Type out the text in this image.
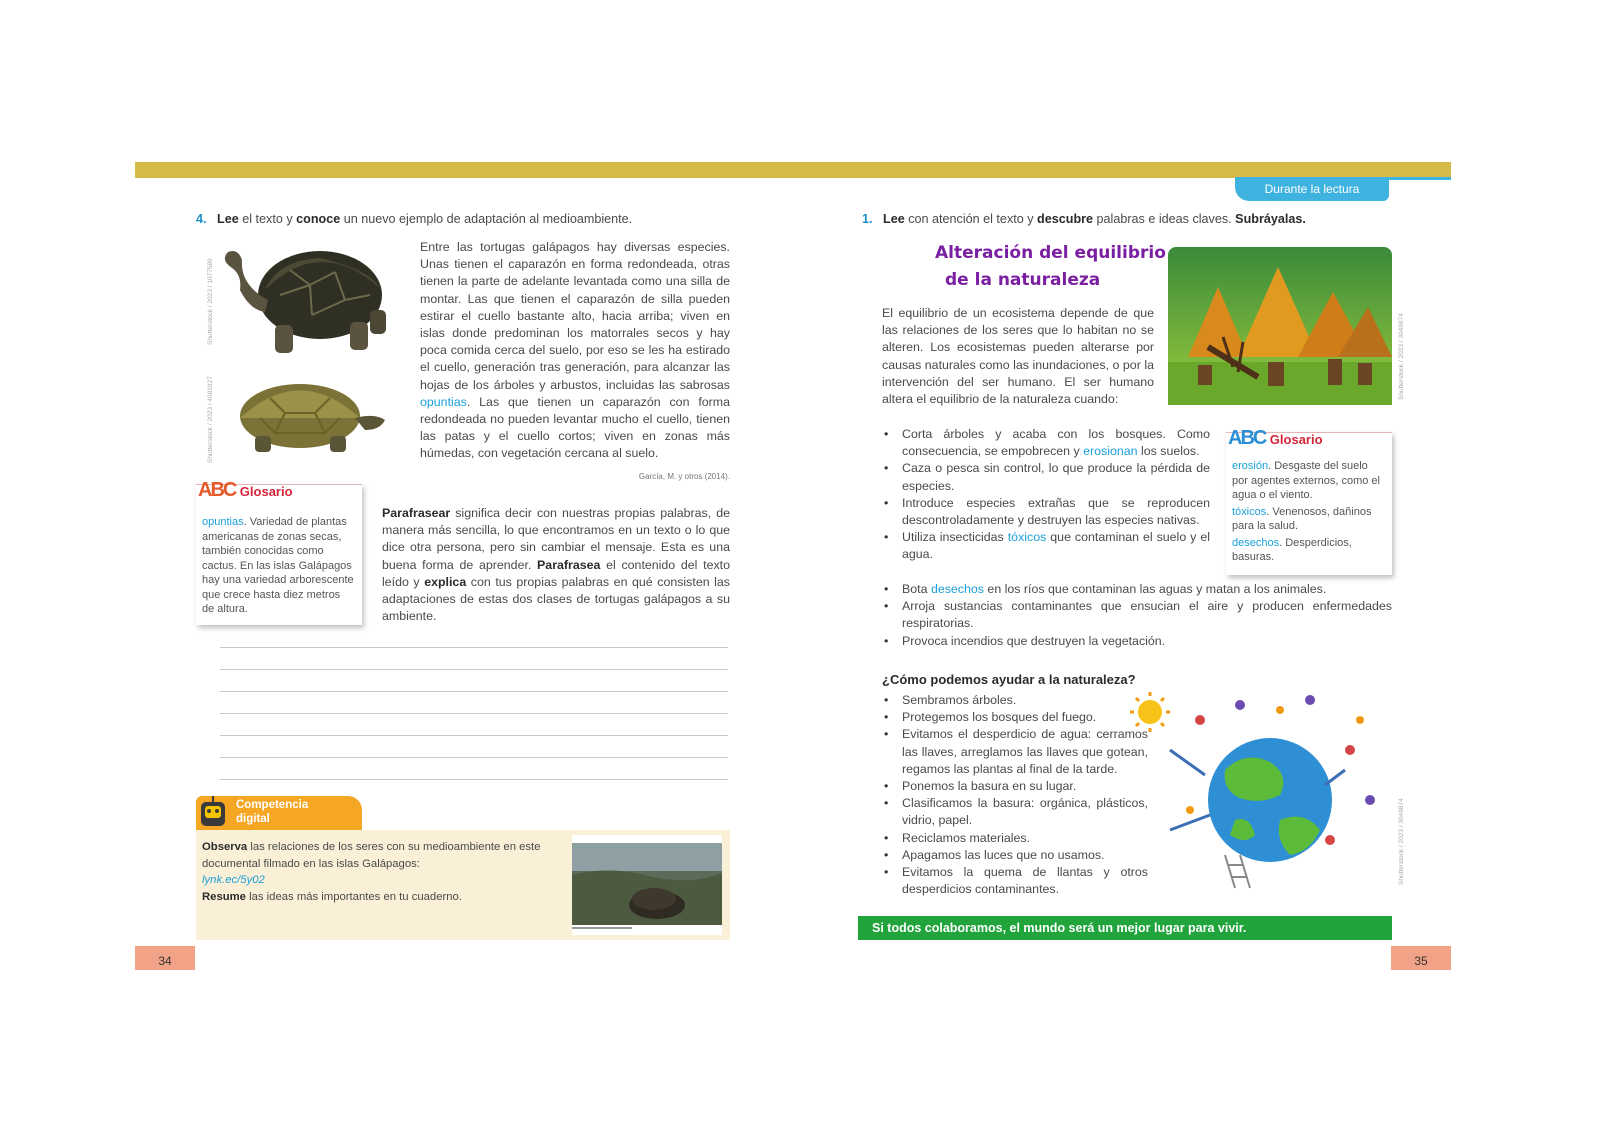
Durante la lectura
4. Lee el texto y conoce un nuevo ejemplo de adaptación al medioambiente.
Shutterstock / 2023 / 1077589
Shutterstock / 2023 / 4081927
Entre las tortugas galápagos hay diversas especies. Unas tienen el caparazón en forma redondeada, otras tienen la parte de adelante levantada como una silla de montar. Las que tienen el caparazón de silla pueden estirar el cuello bastante alto, hacia arriba; viven en islas donde predominan los matorrales secos y hay poca comida cerca del suelo, por eso se les ha estirado el cuello, generación tras generación, para alcanzar las hojas de los árboles y arbustos, incluidas las sabrosas opuntias. Las que tienen un caparazón con forma redondeada no pueden levantar mucho el cuello, tienen las patas y el cuello cortos; viven en zonas más húmedas, con vegetación cercana al suelo.
García, M. y otros (2014).
ABC Glosario
opuntias. Variedad de plantas americanas de zonas secas, también conocidas como cactus. En las islas Galápagos hay una variedad arborescente que crece hasta diez metros de altura.
Parafrasear significa decir con nuestras propias palabras, de manera más sencilla, lo que encontramos en un texto o lo que dice otra persona, pero sin cambiar el mensaje. Esta es una buena forma de aprender. Parafrasea el contenido del texto leído y explica con tus propias palabras en qué consisten las adaptaciones de estas dos clases de tortugas galápagos a su ambiente.
Competencia
digital
Observa las relaciones de los seres con su medioambiente en este documental filmado en las islas Galápagos:
lynk.ec/5y02
Resume las ideas más importantes en tu cuaderno.
34
1. Lee con atención el texto y descubre palabras e ideas claves. Subráyalas.
Alteración del equilibrio
de la naturaleza
El equilibrio de un ecosistema depende de que las relaciones de los seres que lo habitan no se alteren. Los ecosistemas pueden alterarse por causas naturales como las inundaciones, o por la intervención del ser humano. El ser humano altera el equilibrio de la naturaleza cuando:	Shutterstock / 2023 / 3049874
• Corta árboles y acaba con los bosques. Como consecuencia, se empobrecen y erosionan los suelos.
• Caza o pesca sin control, lo que produce la pérdida de especies.
• Introduce especies extrañas que se reproducen descontroladamente y destruyen las especies nativas.
• Utiliza insecticidas tóxicos que contaminan el suelo y el agua.
• Bota desechos en los ríos que contaminan las aguas y matan a los animales.
• Arroja sustancias contaminantes que ensucian el aire y producen enfermedades respiratorias.
• Provoca incendios que destruyen la vegetación.
ABC Glosario
erosión. Desgaste del suelo por agentes externos, como el agua o el viento.
tóxicos. Venenosos, dañinos para la salud.
desechos. Desperdicios, basuras.
¿Cómo podemos ayudar a la naturaleza?
• Sembramos árboles.
• Protegemos los bosques del fuego.
• Evitamos el desperdicio de agua: cerramos las llaves, arreglamos las llaves que gotean, regamos las plantas al final de la tarde.
• Ponemos la basura en su lugar.
• Clasificamos la basura: orgánica, plásticos, vidrio, papel.
• Reciclamos materiales.
• Apagamos las luces que no usamos.
• Evitamos la quema de llantas y otros desperdicios contaminantes.
Shutterstock / 2023 / 3049874
Si todos colaboramos, el mundo será un mejor lugar para vivir.
35
